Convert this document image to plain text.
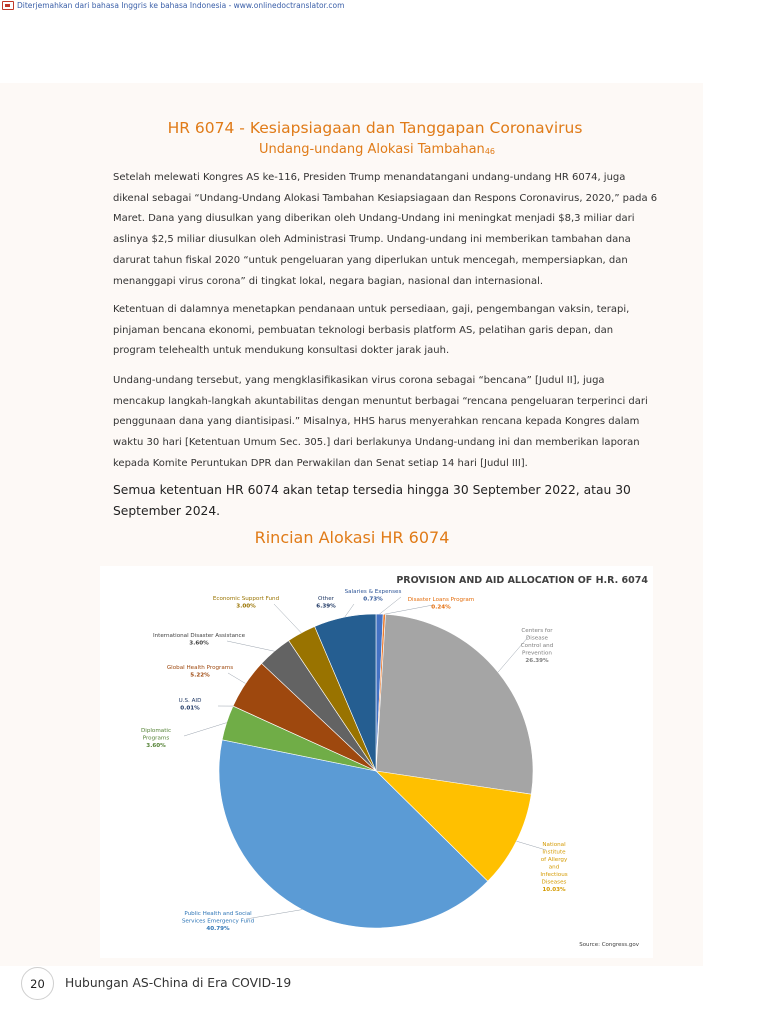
Diterjemahkan dari bahasa Inggris ke bahasa Indonesia - www.onlinedoctranslator.com
HR 6074 - Kesiapsiagaan dan Tanggapan Coronavirus
Undang-undang Alokasi Tambahan$^{46}$

Setelah melewati Kongres AS ke-116, Presiden Trump menandatangani undang-undang HR 6074, juga dikenal sebagai “Undang-Undang Alokasi Tambahan Kesiapsiagaan dan Respons Coronavirus, 2020,” pada 6 Maret. Dana yang diusulkan yang diberikan oleh Undang-Undang ini meningkat menjadi $8,3 miliar dari aslinya $2,5 miliar diusulkan oleh Administrasi Trump. Undang-undang ini memberikan tambahan dana darurat tahun fiskal 2020 “untuk pengeluaran yang diperlukan untuk mencegah, mempersiapkan, dan menanggapi virus corona” di tingkat lokal, negara bagian, nasional dan internasional.

Ketentuan di dalamnya menetapkan pendanaan untuk persediaan, gaji, pengembangan vaksin, terapi, pinjaman bencana ekonomi, pembuatan teknologi berbasis platform AS, pelatihan garis depan, dan program telehealth untuk mendukung konsultasi dokter jarak jauh.

Undang-undang tersebut, yang mengklasifikasikan virus corona sebagai “bencana” [Judul II], juga mencakup langkah-langkah akuntabilitas dengan menuntut berbagai “rencana pengeluaran terperinci dari penggunaan dana yang diantisipasi.” Misalnya, HHS harus menyerahkan rencana kepada Kongres dalam waktu 30 hari [Ketentuan Umum Sec. 305.] dari berlakunya Undang-undang ini dan memberikan laporan kepada Komite Peruntukan DPR dan Perwakilan dan Senat setiap 14 hari [Judul III].

Semua ketentuan HR 6074 akan tetap tersedia hingga 30 September 2022, atau 30 September 2024.

Rincian Alokasi HR 6074
Salaries & Expenses 0.73%	Disaster Loans Program 0.24%
Centers for Disease Control and Prevention 26.39%
National Institute of Allergy and Infectious Diseases 10.03%
Public Health and Social Services Emergency Fund 40.79%
Diplomatic Programs 3.60%
U.S. AID 0.01%
Global Health Programs 5.22%
International Disaster Assistance 3.60%
Economic Support Fund 3.00%
Other 6.39%
PROVISION AND AID ALLOCATION OF H.R. 6074
Source: Congress.gov
20	Hubungan AS-China di Era COVID-19
